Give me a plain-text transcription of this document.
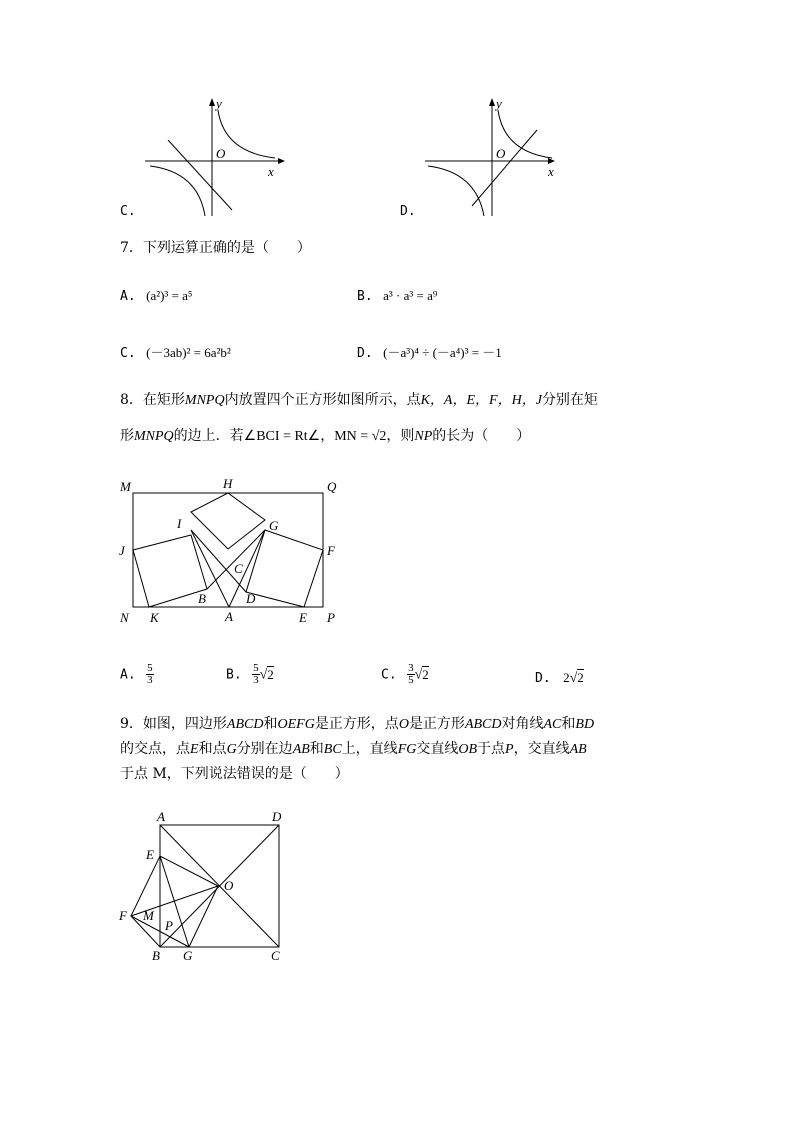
y
O
x
C.
y
O
x
D.
7．下列运算正确的是（　　）
A. (a²)³ = a⁵	B. a³ · a³ = a⁹
C. (－3ab)² = 6a²b²	D. (－a³)⁴ ÷ (－a⁴)³ = －1
8．在矩形MNPQ内放置四个正方形如图所示，点K，A，E，F，H，J分别在矩
形MNPQ的边上．若∠BCI = Rt∠，MN = √2，则NP的长为（　　）
M	H	Q
I	G
J	F
C
B	D
N K	A	E P
A. $\frac{5}{3}$	B. $\frac{5}{3} √2$	C. $\frac{3}{5} √2$	D. 2√2
9．如图，四边形ABCD和OEFG是正方形，点O是正方形ABCD对角线AC和BD
的交点，点E和点G分别在边AB和BC上，直线FG交直线OB于点P，交直线AB
于点 M，下列说法错误的是（　　）
A	D
E
O
F M
P
B G	C
